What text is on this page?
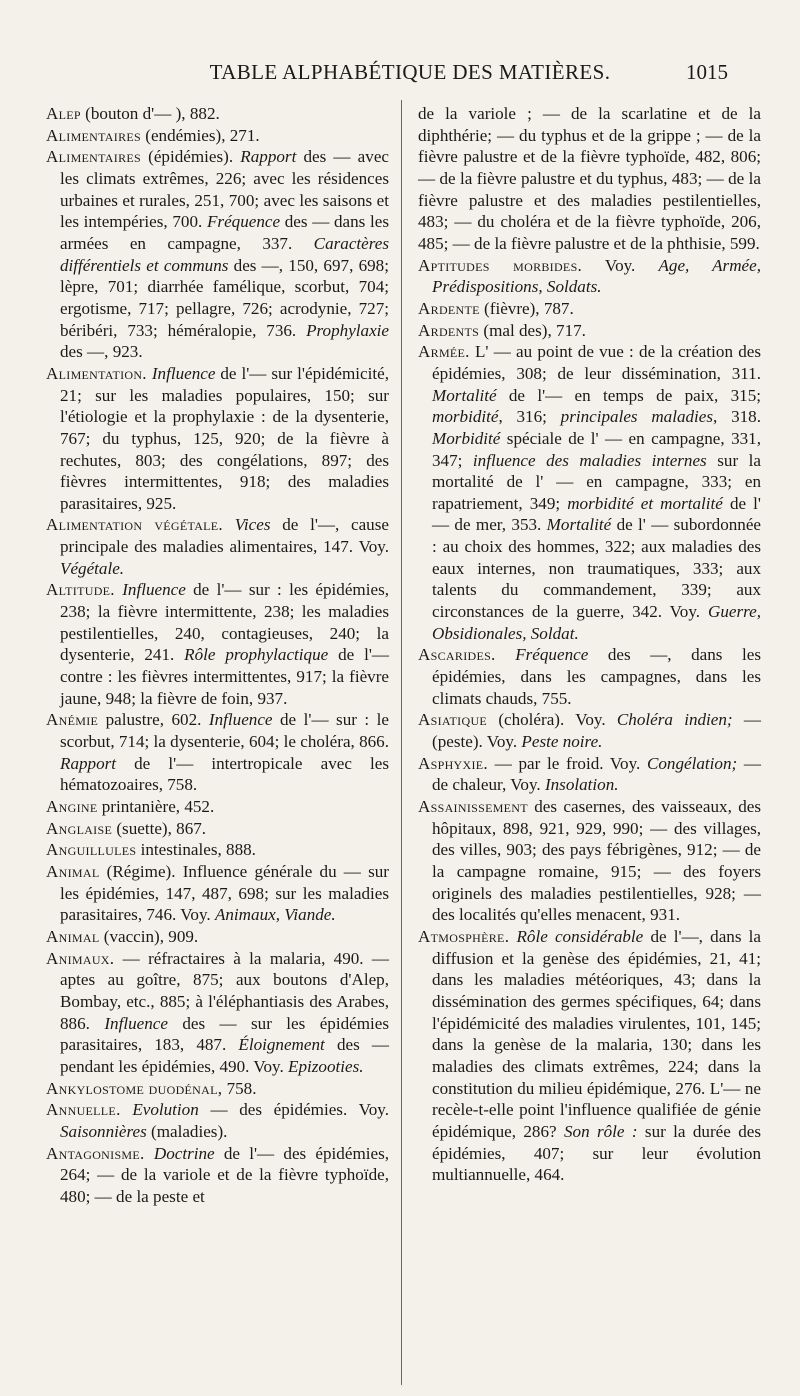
TABLE ALPHABÉTIQUE DES MATIÈRES.	1015

Alep (bouton d'— ), 882.

Alimentaires (endémies), 271.

Alimentaires (épidémies). Rapport des — avec les climats extrêmes, 226; avec les résidences urbaines et rurales, 251, 700; avec les saisons et les intempéries, 700. Fréquence des — dans les armées en campagne, 337. Caractères différentiels et communs des —, 150, 697, 698; lèpre, 701; diarrhée famélique, scorbut, 704; ergotisme, 717; pellagre, 726; acrodynie, 727; béribéri, 733; héméralopie, 736. Prophylaxie des —, 923.

Alimentation. Influence de l'— sur l'épidémicité, 21; sur les maladies populaires, 150; sur l'étiologie et la prophylaxie : de la dysenterie, 767; du typhus, 125, 920; de la fièvre à rechutes, 803; des congélations, 897; des fièvres intermittentes, 918; des maladies parasitaires, 925.

Alimentation végétale. Vices de l'—, cause principale des maladies alimentaires, 147. Voy. Végétale.

Altitude. Influence de l'— sur : les épidémies, 238; la fièvre intermittente, 238; les maladies pestilentielles, 240, contagieuses, 240; la dysenterie, 241. Rôle prophylactique de l'— contre : les fièvres intermittentes, 917; la fièvre jaune, 948; la fièvre de foin, 937.

Anémie palustre, 602. Influence de l'— sur : le scorbut, 714; la dysenterie, 604; le choléra, 866. Rapport de l'— intertropicale avec les hématozoaires, 758.

Angine printanière, 452.

Anglaise (suette), 867.

Anguillules intestinales, 888.

Animal (Régime). Influence générale du — sur les épidémies, 147, 487, 698; sur les maladies parasitaires, 746. Voy. Animaux, Viande.

Animal (vaccin), 909.

Animaux. — réfractaires à la malaria, 490. — aptes au goître, 875; aux boutons d'Alep, Bombay, etc., 885; à l'éléphantiasis des Arabes, 886. Influence des — sur les épidémies parasitaires, 183, 487. Éloignement des — pendant les épidémies, 490. Voy. Epizooties.

Ankylostome duodénal, 758.

Annuelle. Evolution — des épidémies. Voy. Saisonnières (maladies).

Antagonisme. Doctrine de l'— des épidémies, 264; — de la variole et de la fièvre typhoïde, 480; — de la peste et

de la variole ; — de la scarlatine et de la diphthérie; — du typhus et de la grippe ; — de la fièvre palustre et de la fièvre typhoïde, 482, 806; — de la fièvre palustre et du typhus, 483; — de la fièvre palustre et des maladies pestilentielles, 483; — du choléra et de la fièvre typhoïde, 206, 485; — de la fièvre palustre et de la phthisie, 599.

Aptitudes morbides. Voy. Age, Armée, Prédispositions, Soldats.

Ardente (fièvre), 787.

Ardents (mal des), 717.

Armée. L' — au point de vue : de la création des épidémies, 308; de leur dissémination, 311. Mortalité de l'— en temps de paix, 315; morbidité, 316; principales maladies, 318. Morbidité spéciale de l' — en campagne, 331, 347; influence des maladies internes sur la mortalité de l' — en campagne, 333; en rapatriement, 349; morbidité et mortalité de l' — de mer, 353. Mortalité de l' — subordonnée : au choix des hommes, 322; aux maladies des eaux internes, non traumatiques, 333; aux talents du commandement, 339; aux circonstances de la guerre, 342. Voy. Guerre, Obsidionales, Soldat.

Ascarides. Fréquence des —, dans les épidémies, dans les campagnes, dans les climats chauds, 755.

Asiatique (choléra). Voy. Choléra indien; — (peste). Voy. Peste noire.

Asphyxie. — par le froid. Voy. Congélation; — de chaleur, Voy. Insolation.

Assainissement des casernes, des vaisseaux, des hôpitaux, 898, 921, 929, 990; — des villages, des villes, 903; des pays fébrigènes, 912; — de la campagne romaine, 915; — des foyers originels des maladies pestilentielles, 928; — des localités qu'elles menacent, 931.

Atmosphère. Rôle considérable de l'—, dans la diffusion et la genèse des épidémies, 21, 41; dans les maladies météoriques, 43; dans la dissémination des germes spécifiques, 64; dans l'épidémicité des maladies virulentes, 101, 145; dans la genèse de la malaria, 130; dans les maladies des climats extrêmes, 224; dans la constitution du milieu épidémique, 276. L'— ne recèle-t-elle point l'influence qualifiée de génie épidémique, 286? Son rôle : sur la durée des épidémies, 407; sur leur évolution multiannuelle, 464.
